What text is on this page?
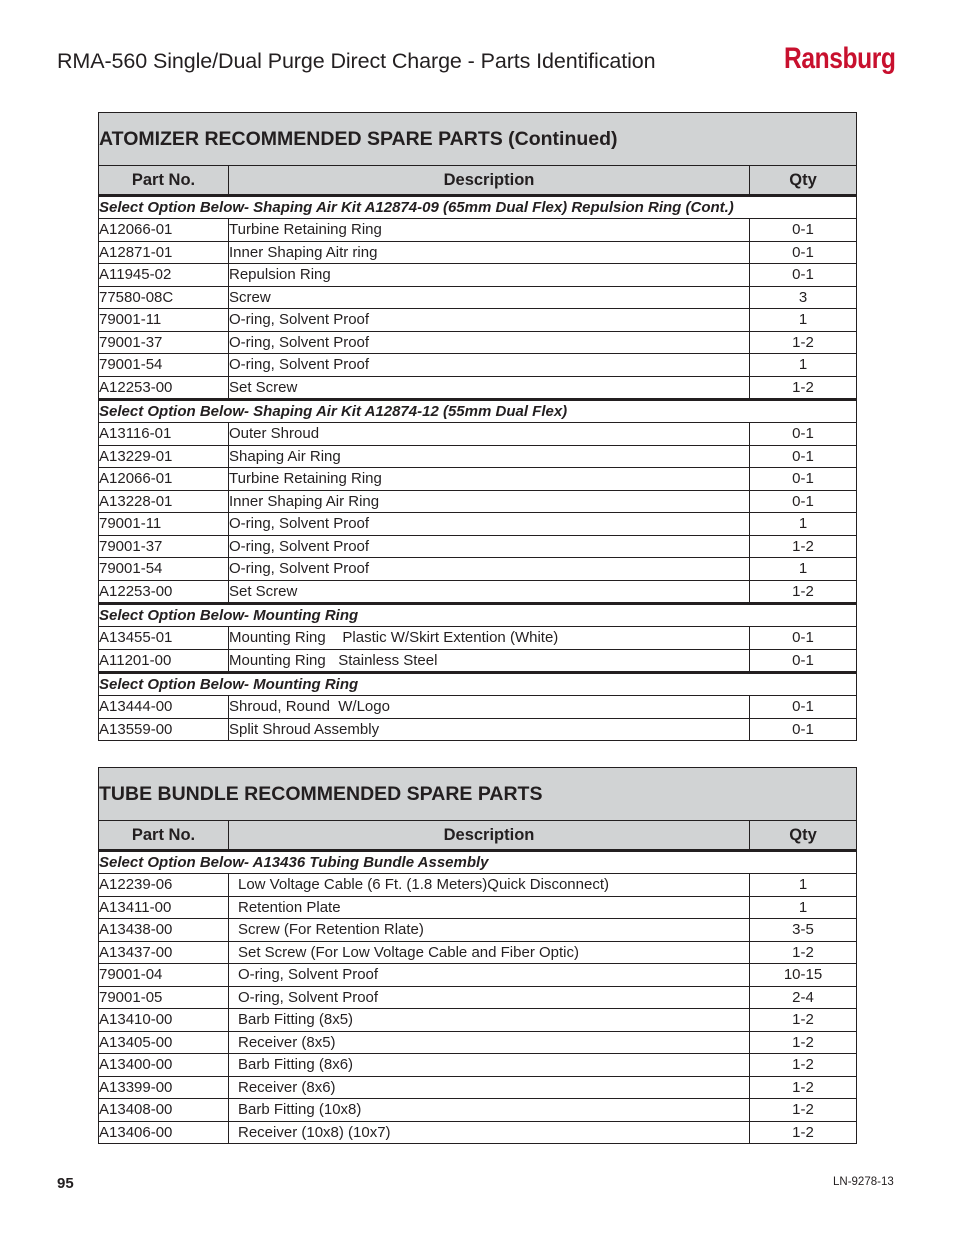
RMA-560 Single/Dual Purge Direct Charge - Parts Identification	Ransburg
ATOMIZER RECOMMENDED SPARE PARTS (Continued)		
Part No.	Description	Qty
Select Option Below- Shaping Air Kit A12874-09 (65mm Dual Flex) Repulsion Ring (Cont.)		
A12066-01	Turbine Retaining Ring	0-1
A12871-01	Inner Shaping Aitr ring	0-1
A11945-02	Repulsion Ring	0-1
77580-08C	Screw	3
79001-11	O-ring, Solvent Proof	1
79001-37	O-ring, Solvent Proof	1-2
79001-54	O-ring, Solvent Proof	1
A12253-00	Set Screw	1-2
Select Option Below- Shaping Air Kit A12874-12 (55mm Dual Flex)		
A13116-01	Outer Shroud	0-1
A13229-01	Shaping Air Ring	0-1
A12066-01	Turbine Retaining Ring	0-1
A13228-01	Inner Shaping Air Ring	0-1
79001-11	O-ring, Solvent Proof	1
79001-37	O-ring, Solvent Proof	1-2
79001-54	O-ring, Solvent Proof	1
A12253-00	Set Screw	1-2
Select Option Below- Mounting Ring		
A13455-01	Mounting Ring    Plastic W/Skirt Extention (White)	0-1
A11201-00	Mounting Ring   Stainless Steel	0-1
Select Option Below- Mounting Ring		
A13444-00	Shroud, Round  W/Logo	0-1
A13559-00	Split Shroud Assembly	0-1
TUBE BUNDLE RECOMMENDED SPARE PARTS		
Part No.	Description	Qty
Select Option Below- A13436 Tubing Bundle Assembly		
A12239-06	Low Voltage Cable (6 Ft. (1.8 Meters)Quick Disconnect)	1
A13411-00	Retention Plate	1
A13438-00	Screw (For Retention Rlate)	3-5
A13437-00	Set Screw (For Low Voltage Cable and Fiber Optic)	1-2
79001-04	O-ring, Solvent Proof	10-15
79001-05	O-ring, Solvent Proof	2-4
A13410-00	Barb Fitting (8x5)	1-2
A13405-00	Receiver (8x5)	1-2
A13400-00	Barb Fitting (8x6)	1-2
A13399-00	Receiver (8x6)	1-2
A13408-00	Barb Fitting (10x8)	1-2
A13406-00	Receiver (10x8) (10x7)	1-2
95	LN-9278-13
